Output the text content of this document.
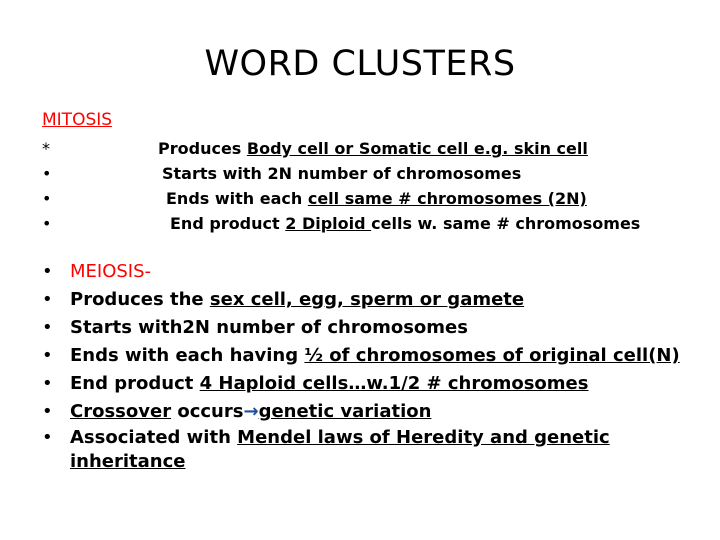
WORD CLUSTERS
MITOSIS
*
•
•
•
Produces Body cell or Somatic cell e.g. skin cell
Starts with 2N number of chromosomes
Ends with each cell same # chromosomes (2N)
End product 2 Diploid cells w. same # chromosomes
• MEIOSIS-
• Produces the sex cell, egg, sperm or gamete
• Starts with2N number of chromosomes
• Ends with each having ½ of chromosomes of original cell(N)
• End product 4 Haploid cells…w.1/2 # chromosomes
• Crossover occurs→genetic variation
• Associated with Mendel laws of Heredity and genetic inheritance
